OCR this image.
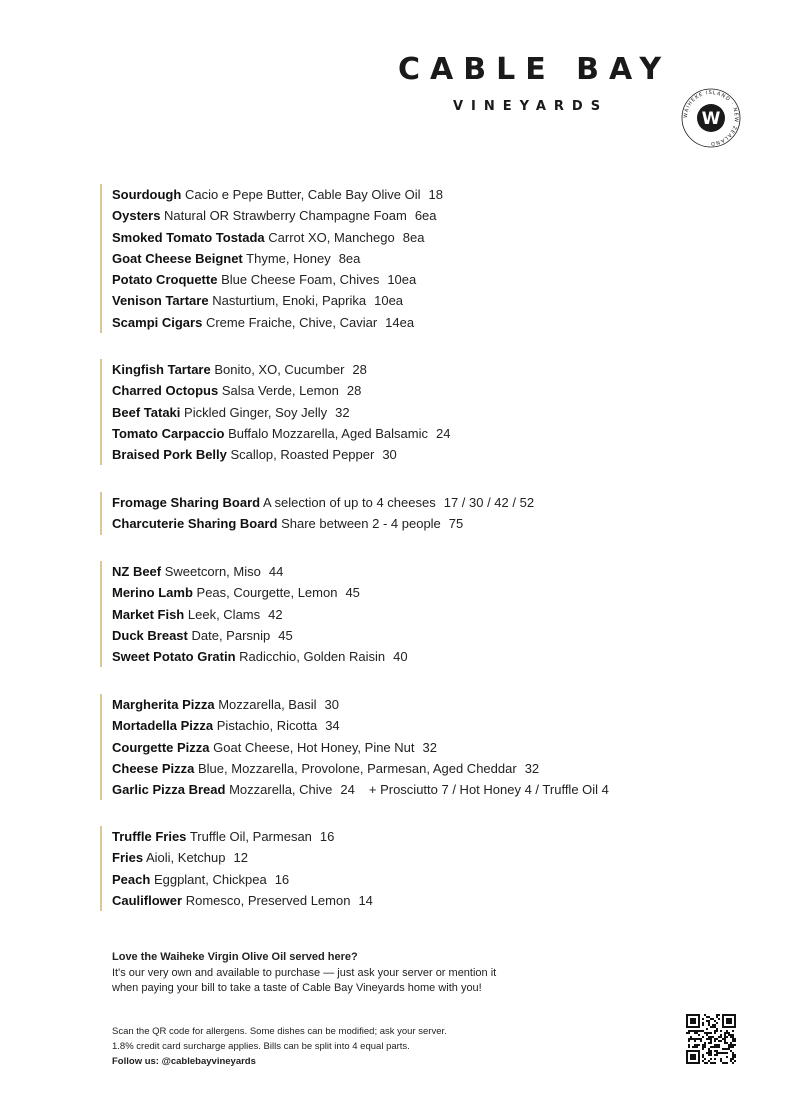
CABLE BAY
VINEYARDS
WAIHEKE ISLAND · NEW ZEALAND
W
Sourdough Cacio e Pepe Butter, Cable Bay Olive Oil 18
Oysters Natural OR Strawberry Champagne Foam 6ea
Smoked Tomato Tostada Carrot XO, Manchego 8ea
Goat Cheese Beignet Thyme, Honey 8ea
Potato Croquette Blue Cheese Foam, Chives 10ea
Venison Tartare Nasturtium, Enoki, Paprika 10ea
Scampi Cigars Creme Fraiche, Chive, Caviar 14ea
Kingfish Tartare Bonito, XO, Cucumber 28
Charred Octopus Salsa Verde, Lemon 28
Beef Tataki Pickled Ginger, Soy Jelly 32
Tomato Carpaccio Buffalo Mozzarella, Aged Balsamic 24
Braised Pork Belly Scallop, Roasted Pepper 30
Fromage Sharing Board A selection of up to 4 cheeses 17 / 30 / 42 / 52
Charcuterie Sharing Board Share between 2 - 4 people 75
NZ Beef Sweetcorn, Miso 44
Merino Lamb Peas, Courgette, Lemon 45
Market Fish Leek, Clams 42
Duck Breast Date, Parsnip 45
Sweet Potato Gratin Radicchio, Golden Raisin 40
Margherita Pizza Mozzarella, Basil 30
Mortadella Pizza Pistachio, Ricotta 34
Courgette Pizza Goat Cheese, Hot Honey, Pine Nut 32
Cheese Pizza Blue, Mozzarella, Provolone, Parmesan, Aged Cheddar 32
Garlic Pizza Bread Mozzarella, Chive 24 + Prosciutto 7 / Hot Honey 4 / Truffle Oil 4
Truffle Fries Truffle Oil, Parmesan 16
Fries Aioli, Ketchup 12
Peach Eggplant, Chickpea 16
Cauliflower Romesco, Preserved Lemon 14
Love the Waiheke Virgin Olive Oil served here?
It's our very own and available to purchase — just ask your server or mention it
when paying your bill to take a taste of Cable Bay Vineyards home with you!
Scan the QR code for allergens. Some dishes can be modified; ask your server.
1.8% credit card surcharge applies. Bills can be split into 4 equal parts.
Follow us: @cablebayvineyards
